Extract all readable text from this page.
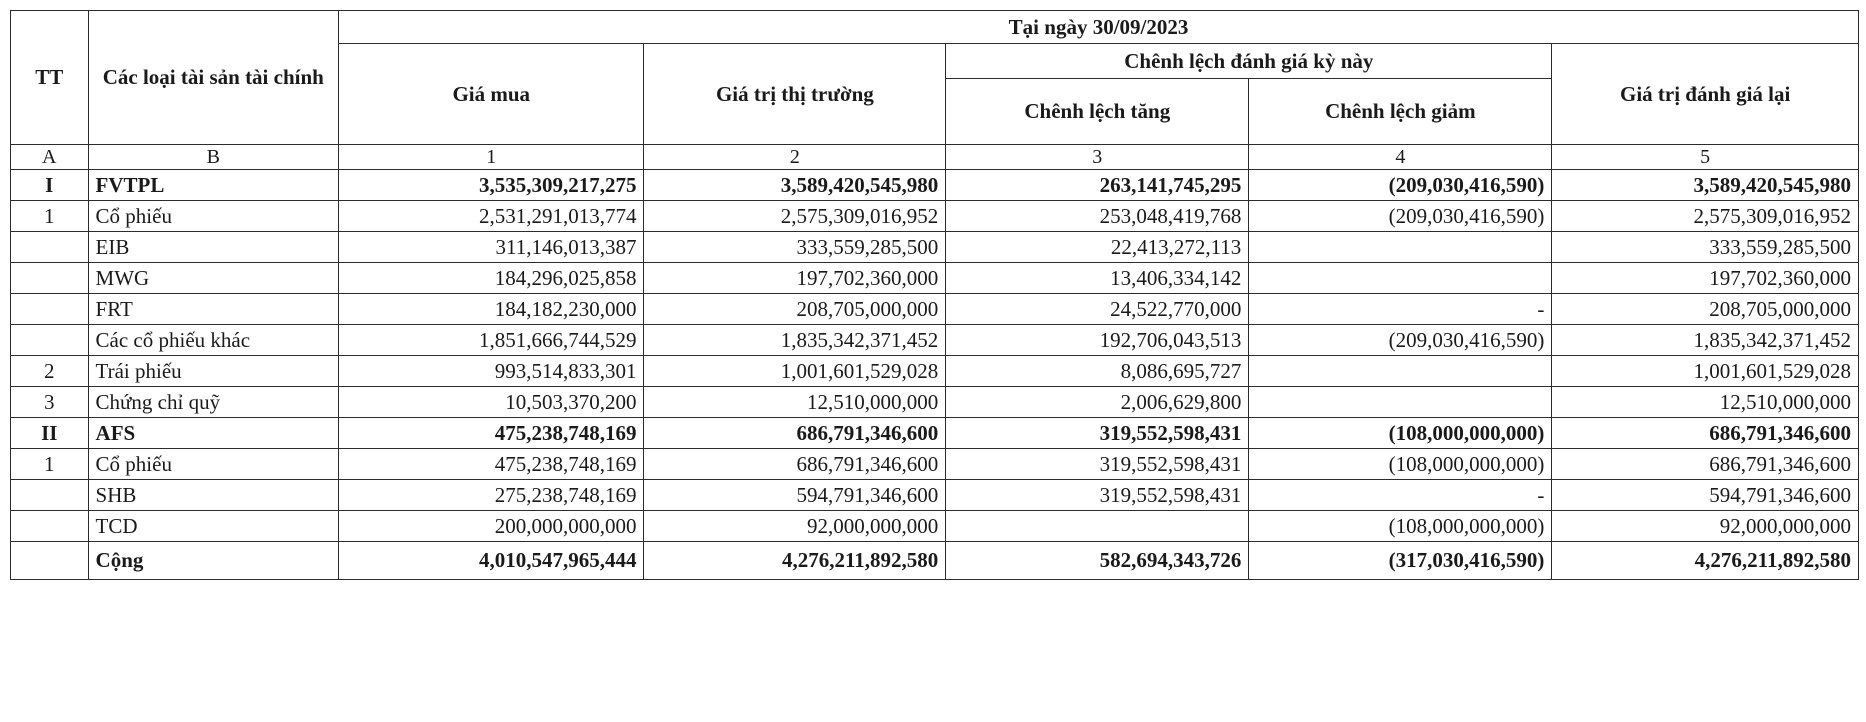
TT	Các loại tài sản tài chính	Tại ngày 30/09/2023				
		Giá mua	Giá trị thị trường	Chênh lệch đánh giá kỳ này		Giá trị đánh giá lại
				Chênh lệch tăng	Chênh lệch giảm	
A	B	1	2	3	4	5
I	FVTPL	3,535,309,217,275	3,589,420,545,980	263,141,745,295	(209,030,416,590)	3,589,420,545,980
1	Cổ phiếu	2,531,291,013,774	2,575,309,016,952	253,048,419,768	(209,030,416,590)	2,575,309,016,952
	EIB	311,146,013,387	333,559,285,500	22,413,272,113		333,559,285,500
	MWG	184,296,025,858	197,702,360,000	13,406,334,142		197,702,360,000
	FRT	184,182,230,000	208,705,000,000	24,522,770,000	-	208,705,000,000
	Các cổ phiếu khác	1,851,666,744,529	1,835,342,371,452	192,706,043,513	(209,030,416,590)	1,835,342,371,452
2	Trái phiếu	993,514,833,301	1,001,601,529,028	8,086,695,727		1,001,601,529,028
3	Chứng chỉ quỹ	10,503,370,200	12,510,000,000	2,006,629,800		12,510,000,000
II	AFS	475,238,748,169	686,791,346,600	319,552,598,431	(108,000,000,000)	686,791,346,600
1	Cổ phiếu	475,238,748,169	686,791,346,600	319,552,598,431	(108,000,000,000)	686,791,346,600
	SHB	275,238,748,169	594,791,346,600	319,552,598,431	-	594,791,346,600
	TCD	200,000,000,000	92,000,000,000		(108,000,000,000)	92,000,000,000
	Cộng	4,010,547,965,444	4,276,211,892,580	582,694,343,726	(317,030,416,590)	4,276,211,892,580
